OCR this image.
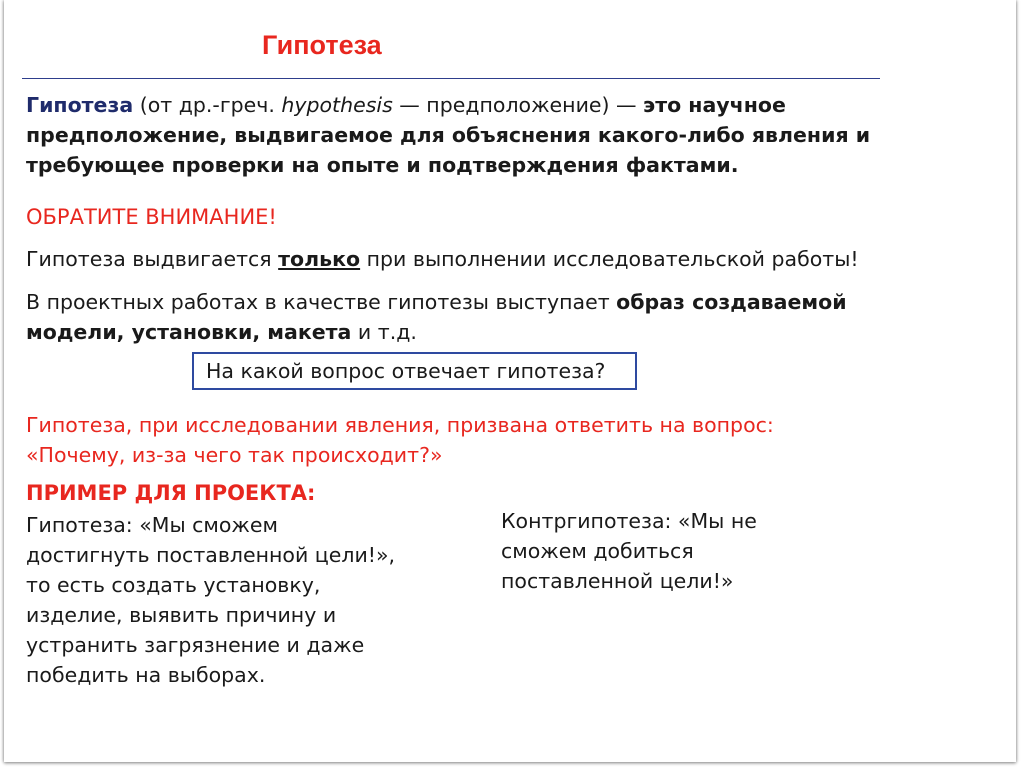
Гипотеза
Гипотеза (от др.-греч. hypothesis — предположение) — это научное
предположение, выдвигаемое для объяснения какого-либо явления и
требующее проверки на опыте и подтверждения фактами.
ОБРАТИТЕ ВНИМАНИЕ!
Гипотеза выдвигается только при выполнении исследовательской работы!
В проектных работах в качестве гипотезы выступает образ создаваемой
модели, установки, макета и т.д.
На какой вопрос отвечает гипотеза?
Гипотеза, при исследовании явления, призвана ответить на вопрос:
«Почему, из-за чего так происходит?»
ПРИМЕР ДЛЯ ПРОЕКТА:
Гипотеза: «Мы сможем
достигнуть поставленной цели!»,
то есть создать установку,
изделие, выявить причину и
устранить загрязнение и даже
победить на выборах.
Контргипотеза: «Мы не
сможем добиться
поставленной цели!»
